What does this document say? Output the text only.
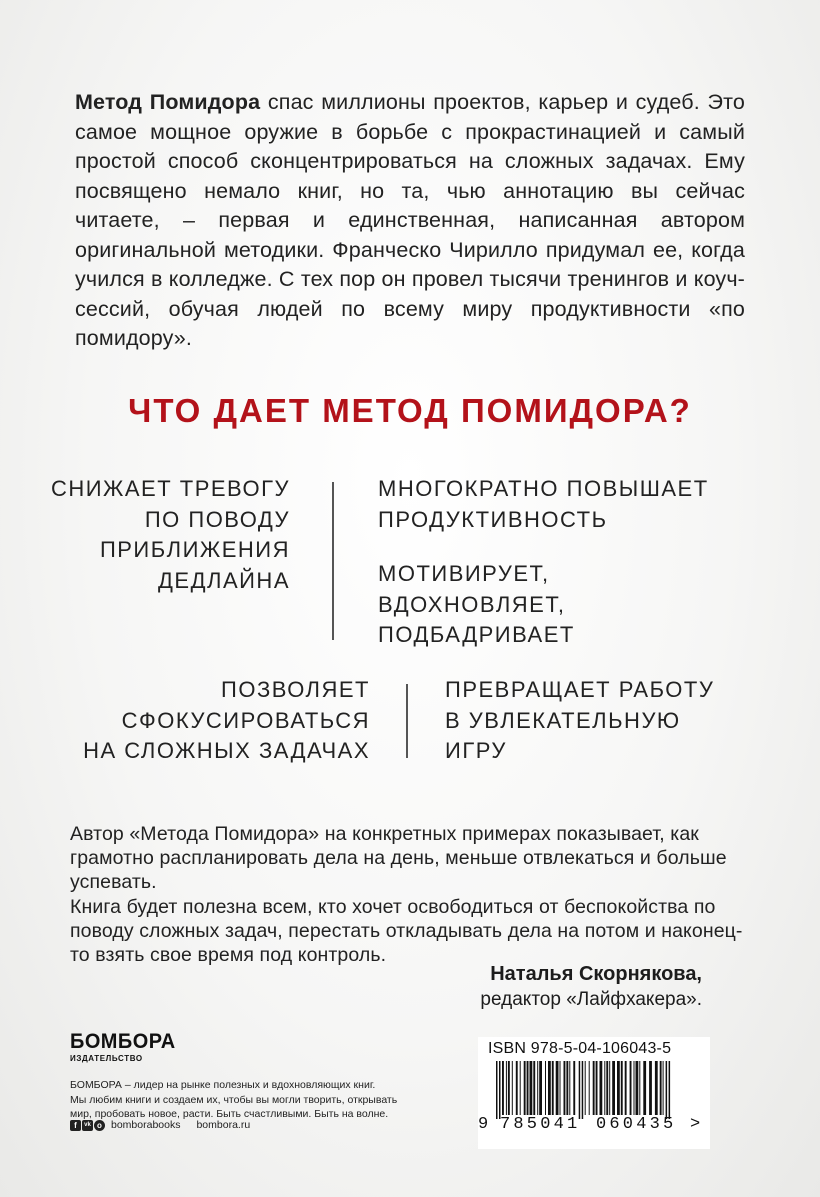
Метод Помидора спас миллионы проектов, карьер и судеб. Это самое мощное оружие в борьбе с прокрастинацией и самый простой способ сконцентрироваться на сложных задачах. Ему посвящено немало книг, но та, чью аннотацию вы сейчас читаете, – первая и единственная, написанная автором оригинальной методики. Франческо Чирилло придумал ее, когда учился в колледже. С тех пор он провел тысячи тренингов и коуч-сессий, обучая людей по всему миру продуктивности «по помидору».
ЧТО ДАЕТ МЕТОД ПОМИДОРА?
СНИЖАЕТ ТРЕВОГУ
ПО ПОВОДУ
ПРИБЛИЖЕНИЯ
ДЕДЛАЙНА
МНОГОКРАТНО ПОВЫШАЕТ
ПРОДУКТИВНОСТЬ
МОТИВИРУЕТ,
ВДОХНОВЛЯЕТ,
ПОДБАДРИВАЕТ
ПОЗВОЛЯЕТ
СФОКУСИРОВАТЬСЯ
НА СЛОЖНЫХ ЗАДАЧАХ
ПРЕВРАЩАЕТ РАБОТУ
В УВЛЕКАТЕЛЬНУЮ
ИГРУ

Автор «Метода Помидора» на конкретных примерах показывает, как грамотно распланировать дела на день, меньше отвлекаться и больше успевать.

Книга будет полезна всем, кто хочет освободиться от беспокойства по поводу сложных задач, перестать откладывать дела на потом и наконец-то взять свое время под контроль.

Наталья Скорнякова,
редактор «Лайфхакера».
БОМБОРА
ИЗДАТЕЛЬСТВО
БОМБОРА – лидер на рынке полезных и вдохновляющих книг.
Мы любим книги и создаем их, чтобы вы могли творить, открывать
мир, пробовать новое, расти. Быть счастливыми. Быть на волне.
f	vk o bomborabooks bombora.ru
ISBN 978-5-04-106043-5
9 785041 060435 >
